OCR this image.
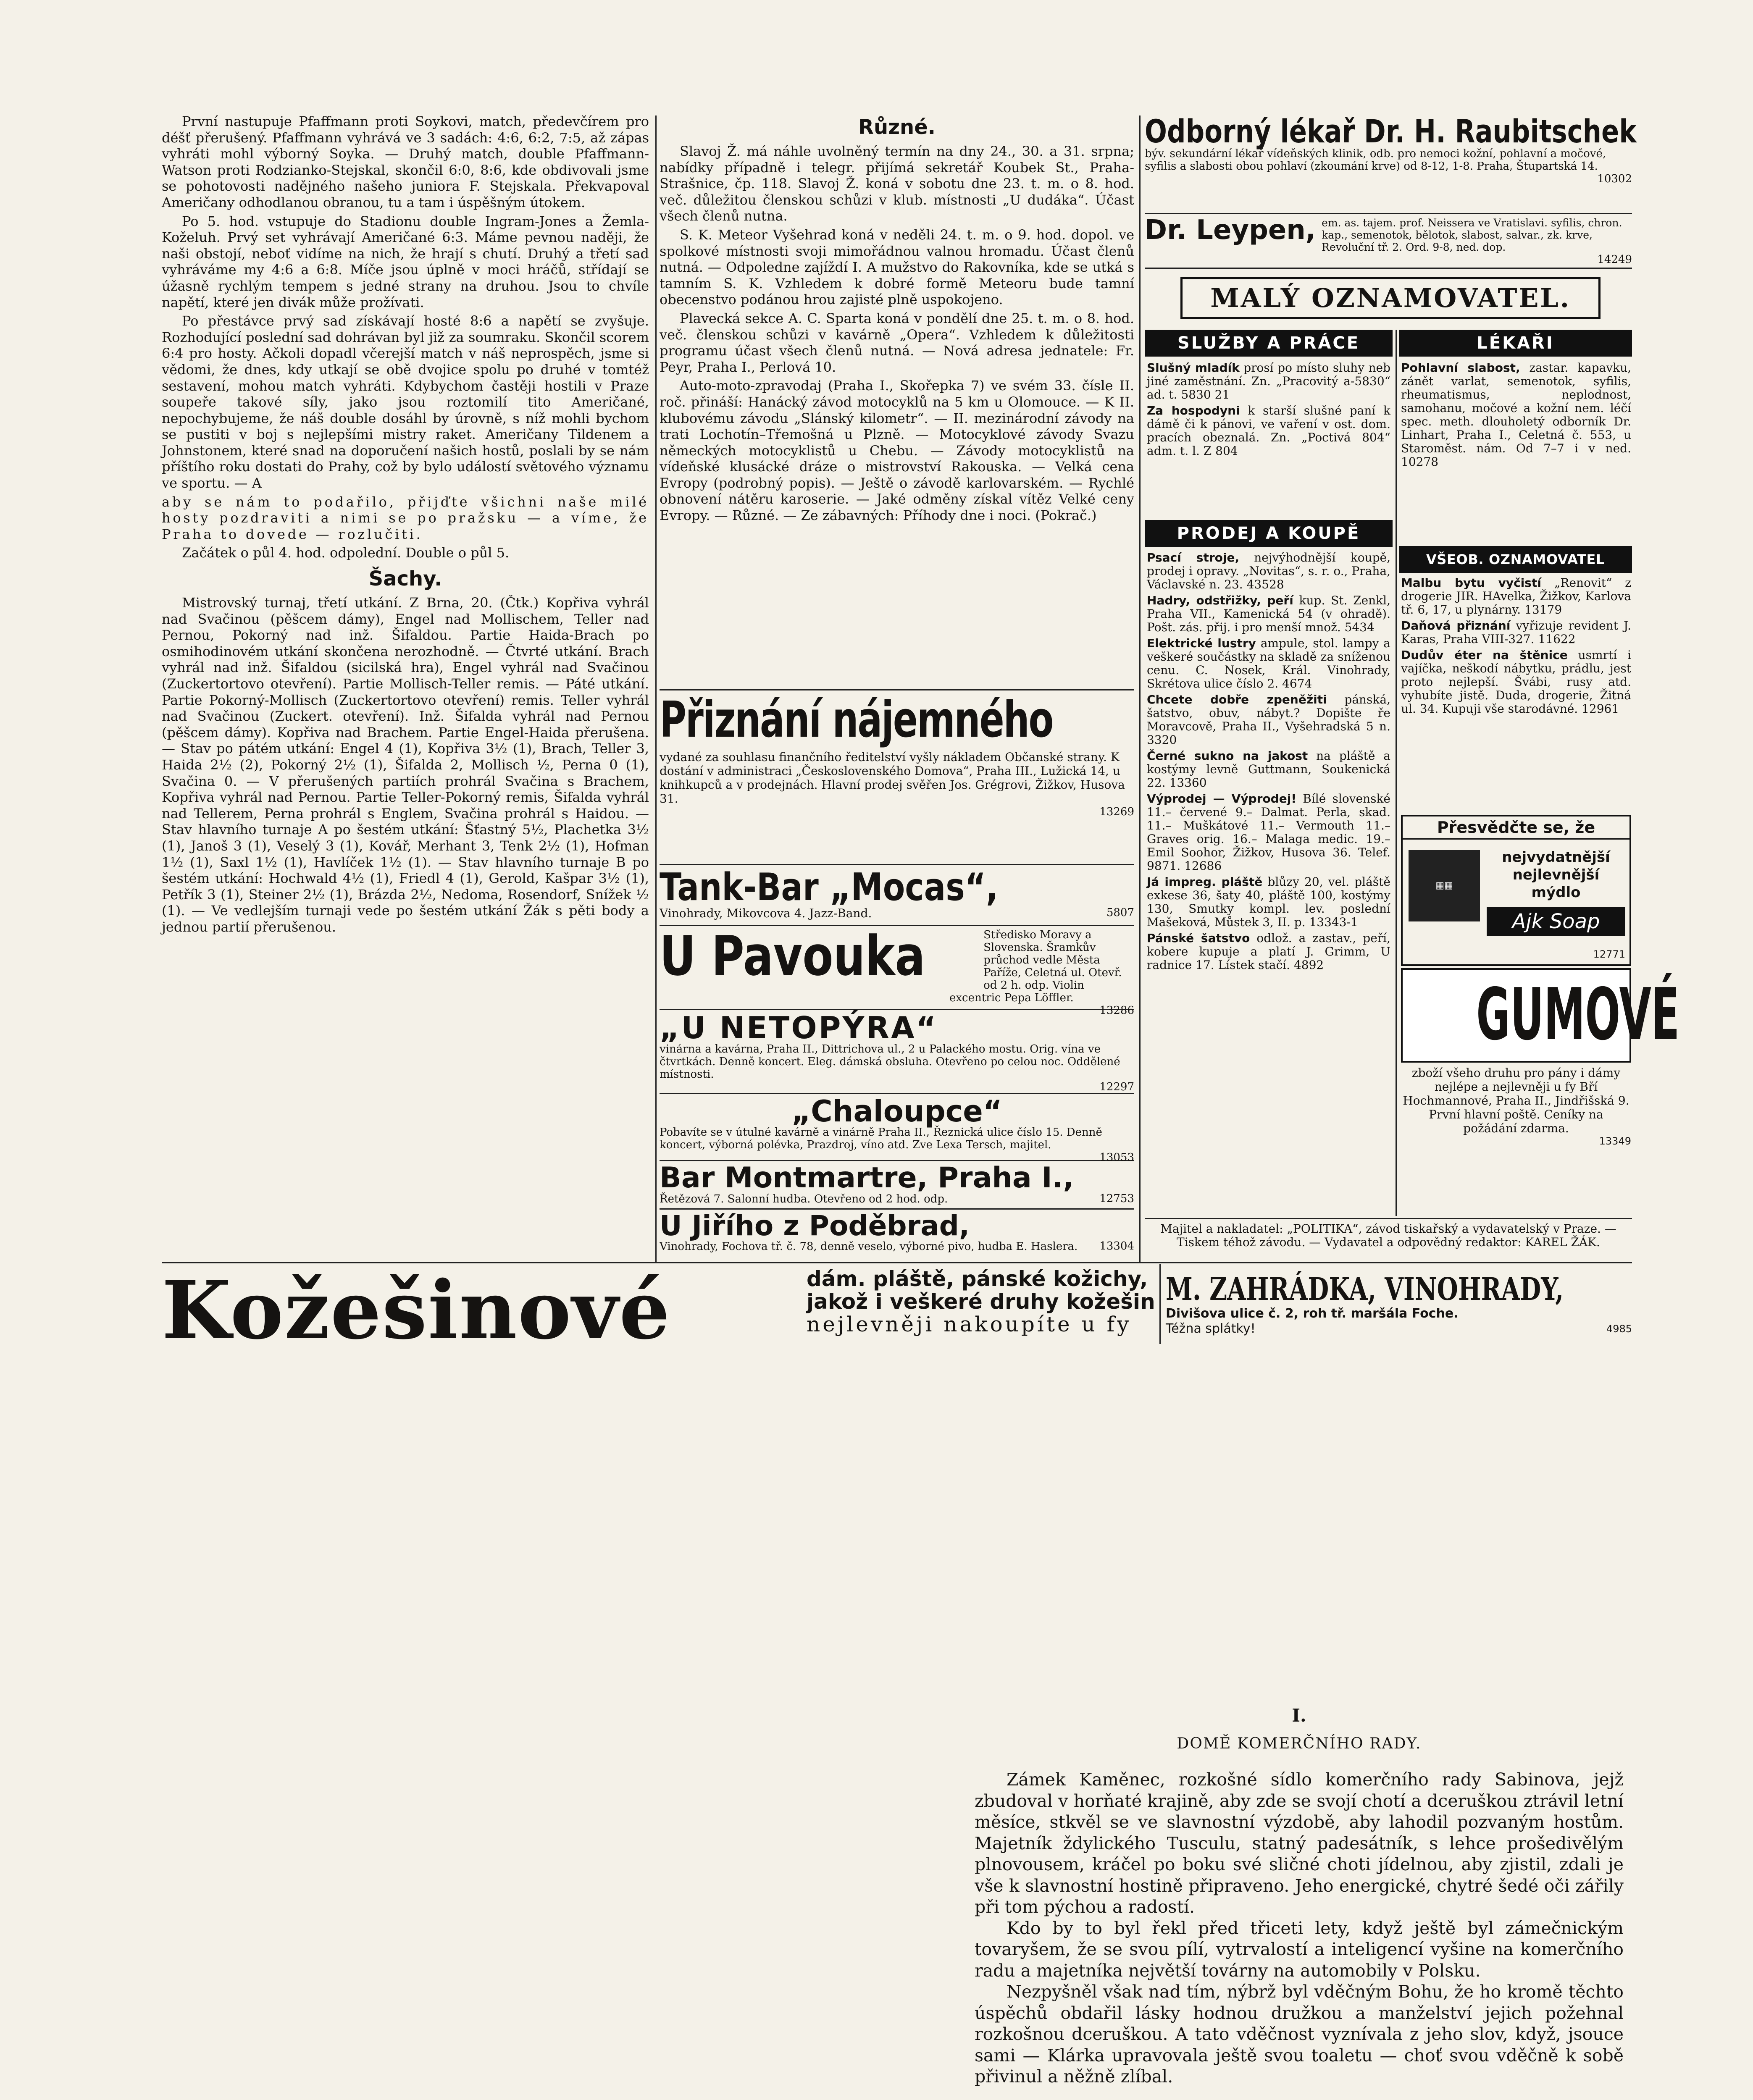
První nastupuje Pfaffmann proti Soykovi, match, předevčírem pro déšť přerušený. Pfaffmann vyhrává ve 3 sadách: 4:6, 6:2, 7:5, až zápas vyhráti mohl výborný Soyka. — Druhý match, double Pfaffmann-Watson proti Rodzianko-Stejskal, skončil 6:0, 8:6, kde obdivovali jsme se pohotovosti nadějného našeho juniora F. Stejskala. Překvapoval Američany odhodlanou obranou, tu a tam i úspěšným útokem.

Po 5. hod. vstupuje do Stadionu double Ingram-Jones a Žemla-Koželuh. Prvý set vyhrávají Američané 6:3. Máme pevnou naději, že naši obstojí, neboť vidíme na nich, že hrají s chutí. Druhý a třetí sad vyhráváme my 4:6 a 6:8. Míče jsou úplně v moci hráčů, střídají se úžasně rychlým tempem s jedné strany na druhou. Jsou to chvíle napětí, které jen divák může prožívati.

Po přestávce prvý sad získávají hosté 8:6 a napětí se zvyšuje. Rozhodující poslední sad dohrávan byl již za soumraku. Skončil scorem 6:4 pro hosty. Ačkoli dopadl včerejší match v náš neprospěch, jsme si vědomi, že dnes, kdy utkají se obě dvojice spolu po druhé v tomtéž sestavení, mohou match vyhráti. Kdybychom častěji hostili v Praze soupeře takové síly, jako jsou roztomilí tito Američané, nepochybujeme, že náš double dosáhl by úrovně, s níž mohli bychom se pustiti v boj s nejlepšími mistry raket. Američany Tildenem a Johnstonem, které snad na doporučení našich hostů, poslali by se nám příštího roku dostati do Prahy, což by bylo událostí světového významu ve sportu. — A

aby se nám to podařilo, přijďte všichni naše milé hosty pozdraviti a nimi se po pražsku — a víme, že Praha to dovede — rozlučiti.

Začátek o půl 4. hod. odpolední. Double o půl 5.

Šachy.

Mistrovský turnaj, třetí utkání. Z Brna, 20. (Čtk.) Kopřiva vyhrál nad Svačinou (pěšcem dámy), Engel nad Mollischem, Teller nad Pernou, Pokorný nad inž. Šifaldou. Partie Haida-Brach po osmihodinovém utkání skončena nerozhodně. — Čtvrté utkání. Brach vyhrál nad inž. Šifaldou (sicilská hra), Engel vyhrál nad Svačinou (Zuckertortovo otevření). Partie Mollisch-Teller remis. — Páté utkání. Partie Pokorný-Mollisch (Zuckertortovo otevření) remis. Teller vyhrál nad Svačinou (Zuckert. otevření). Inž. Šifalda vyhrál nad Pernou (pěšcem dámy). Kopřiva nad Brachem. Partie Engel-Haida přerušena. — Stav po pátém utkání: Engel 4 (1), Kopřiva 3½ (1), Brach, Teller 3, Haida 2½ (2), Pokorný 2½ (1), Šifalda 2, Mollisch ½, Perna 0 (1), Svačina 0. — V přerušených partiích prohrál Svačina s Brachem, Kopřiva vyhrál nad Pernou. Partie Teller-Pokorný remis, Šifalda vyhrál nad Tellerem, Perna prohrál s Englem, Svačina prohrál s Haidou. — Stav hlavního turnaje A po šestém utkání: Šťastný 5½, Plachetka 3½ (1), Janoš 3 (1), Veselý 3 (1), Kovář, Merhant 3, Tenk 2½ (1), Hofman 1½ (1), Saxl 1½ (1), Havlíček 1½ (1). — Stav hlavního turnaje B po šestém utkání: Hochwald 4½ (1), Friedl 4 (1), Gerold, Kašpar 3½ (1), Petřík 3 (1), Steiner 2½ (1), Brázda 2½, Nedoma, Rosendorf, Snížek ½ (1). — Ve vedlejším turnaji vede po šestém utkání Žák s pěti body a jednou partií přerušenou.

Různé.

Slavoj Ž. má náhle uvolněný termín na dny 24., 30. a 31. srpna; nabídky případně i telegr. přijímá sekretář Koubek St., Praha-Strašnice, čp. 118. Slavoj Ž. koná v sobotu dne 23. t. m. o 8. hod. več. důležitou členskou schůzi v klub. místnosti „U dudáka“. Účast všech členů nutna.

S. K. Meteor Vyšehrad koná v neděli 24. t. m. o 9. hod. dopol. ve spolkové místnosti svoji mimořádnou valnou hromadu. Účast členů nutná. — Odpoledne zajíždí I. A mužstvo do Rakovníka, kde se utká s tamním S. K. Vzhledem k dobré formě Meteoru bude tamní obecenstvo podánou hrou zajisté plně uspokojeno.

Plavecká sekce A. C. Sparta koná v pondělí dne 25. t. m. o 8. hod. več. členskou schůzi v kavárně „Opera“. Vzhledem k důležitosti programu účast všech členů nutná. — Nová adresa jednatele: Fr. Peyr, Praha I., Perlová 10.

Auto-moto-zpravodaj (Praha I., Skořepka 7) ve svém 33. čísle II. roč. přináší: Hanácký závod motocyklů na 5 km u Olomouce. — K II. klubovému závodu „Slánský kilometr“. — II. mezinárodní závody na trati Lochotín–Třemošná u Plzně. — Motocyklové závody Svazu německých motocyklistů u Chebu. — Závody motocyklistů na vídeňské klusácké dráze o mistrovství Rakouska. — Velká cena Evropy (podrobný popis). — Ještě o závodě karlovarském. — Rychlé obnovení nátěru karoserie. — Jaké odměny získal vítěz Velké ceny Evropy. — Různé. — Ze zábavných: Příhody dne i noci. (Pokrač.)

Přiznání nájemného
vydané za souhlasu finančního ředitelství vyšly nákladem Občanské strany. K dostání v administraci „Československého Domova“, Praha III., Lužická 14, u knihkupců a v prodejnách. Hlavní prodej svěřen Jos. Grégrovi, Žižkov, Husova 31.
13269
Tank-Bar „Mocas“,
Vinohrady, Mikovcova 4. Jazz-Band.	5807
U Pavouka	Středisko Moravy a Slovenska. Šramkův průchod vedle Města Paříže, Celetná ul. Otevř. od 2 h. odp. Violin excentric Pepa Löffler.
13286
„U NETOPÝRA“
vinárna a kavárna, Praha II., Dittrichova ul., 2 u Palackého mostu. Orig. vína ve čtvrtkách. Denně koncert. Eleg. dámská obsluha. Otevřeno po celou noc. Oddělené místnosti.
12297
„Chaloupce“
Pobavíte se v útulné kavárně a vinárně Praha II., Řeznická ulice číslo 15. Denně koncert, výborná polévka, Prazdroj, víno atd. Zve Lexa Tersch, majitel.
13053
Bar Montmartre, Praha I.,
Řetězová 7. Salonní hudba. Otevřeno od 2 hod. odp.	12753
U Jiřího z Poděbrad,
Vinohrady, Fochova tř. č. 78, denně veselo, výborné pivo, hudba E. Haslera. 13304
Odborný lékař Dr. H. Raubitschek
býv. sekundární lékař vídeňských klinik, odb. pro nemoci kožní, pohlavní a močové, syfilis a slabosti obou pohlaví (zkoumání krve) od 8-12, 1-8. Praha, Štupartská 14.
10302
Dr. Leypen, em. as. tajem. prof. Neissera ve Vratislavi. syfilis, chron. kap., semenotok, bělotok, slabost, salvar., zk. krve, Revoluční tř. 2. Ord. 9-8, ned. dop.
14249
MALÝ OZNAMOVATEL.
SLUŽBY A PRÁCE	LÉKAŘI

Slušný mladík prosí po místo sluhy neb jiné zaměstnání. Zn. „Pracovitý a-5830“ ad. t. 5830 21

Za hospodyni k starší slušné paní k dámě či k pánovi, ve vaření v ost. dom. pracích obeznalá. Zn. „Poctivá 804“ adm. t. l. Z 804

PRODEJ A KOUPĚ

Psací stroje, nejvýhodnější koupě, prodej i opravy. „Novitas“, s. r. o., Praha, Václavské n. 23. 43528

Hadry, odstřižky, peří kup. St. Zenkl, Praha VII., Kamenická 54 (v ohradě). Pošt. zás. přij. i pro menší množ. 5434

Elektrické lustry ampule, stol. lampy a veškeré součástky na skladě za sníženou cenu. C. Nosek, Král. Vinohrady, Skrétova ulice číslo 2. 4674

Chcete dobře zpeněžiti pánská, šatstvo, obuv, nábyt.? Dopište ře Moravcově, Praha II., Vyšehradská 5 n. 3320

Černé sukno na jakost na pláště a kostýmy levně Guttmann, Soukenická 22. 13360

Výprodej — Výprodej! Bílé slovenské 11.– červené 9.– Dalmat. Perla, skad. 11.– Muškátové 11.– Vermouth 11.– Graves orig. 16.– Malaga medic. 19.– Emil Soohor, Žižkov, Husova 36. Telef. 9871. 12686

Já impreg. pláště blůzy 20, vel. pláště exkese 36, šaty 40, pláště 100, kostýmy 130, Smutky kompl. lev. poslední Mašeková, Můstek 3, II. p. 13343-1

Pánské šatstvo odlož. a zastav., peří, kobere kupuje a platí J. Grimm, U radnice 17. Lístek stačí. 4892

Pohlavní slabost, zastar. kapavku, zánět varlat, semenotok, syfilis, rheumatismus, neplodnost, samohanu, močové a kožní nem. léčí spec. meth. dlouholetý odborník Dr. Linhart, Praha I., Celetná č. 553, u Staroměst. nám. Od 7–7 i v ned. 10278

VŠEOB. OZNAMOVATEL

Malbu bytu vyčistí „Renovit“ z drogerie JIR. HAvelka, Žižkov, Karlova tř. 6, 17, u plynárny. 13179

Daňová přiznání vyřizuje revident J. Karas, Praha VIII-327. 11622

Dudův éter na štěnice usmrtí i vajíčka, neškodí nábytku, prádlu, jest proto nejlepší. Švábi, rusy atd. vyhubíte jistě. Duda, drogerie, Žitná ul. 34. Kupuji vše starodávné. 12961

Přesvědčte se, že
▦▦
nejvydatnější nejlevnější mýdlo
Ajk Soap
12771
GUMOVÉ
zboží všeho druhu pro pány i dámy nejlépe a nejlevněji u fy Bří Hochmannové, Praha II., Jindřišská 9. První hlavní poště. Ceníky na požádání zdarma.
13349
Majitel a nakladatel: „POLITIKA“, závod tiskařský a vydavatelský v Praze. — Tiskem téhož závodu. — Vydavatel a odpovědný redaktor: KAREL ŽÁK.
Kožešinové	dám. pláště, pánské kožichy,
jakož i veškeré druhy kožešin
nejlevněji nakoupíte u fy
M. ZAHRÁDKA, VINOHRADY,
Divišova ulice č. 2, roh tř. maršála Foche.
Téžna splátky!	4985
I.
DOMĚ KOMERČNÍHO RADY.

Zámek Kaměnec, rozkošné sídlo komerčního rady Sabinova, jejž zbudoval v horňaté krajině, aby zde se svojí chotí a dceruškou ztrávil letní měsíce, stkvěl se ve slavnostní výzdobě, aby lahodil pozvaným hostům. Majetník ždylického Tusculu, statný padesátník, s lehce prošedivělým plnovousem, kráčel po boku své sličné choti jídelnou, aby zjistil, zdali je vše k slavnostní hostině připraveno. Jeho energické, chytré šedé oči zářily při tom pýchou a radostí.

Kdo by to byl řekl před třiceti lety, když ještě byl zámečnickým tovaryšem, že se svou pílí, vytrvalostí a inteligencí vyšine na komerčního radu a majetníka největší továrny na automobily v Polsku.

Nezpyšněl však nad tím, nýbrž byl vděčným Bohu, že ho kromě těchto úspěchů obdařil lásky hodnou družkou a manželství jejich požehnal rozkošnou dceruškou. A tato vděčnost vyznívala z jeho slov, když, jsouce sami — Klárka upravovala ještě svou toaletu — choť svou vděčně k sobě přivinul a něžně zlíbal.
